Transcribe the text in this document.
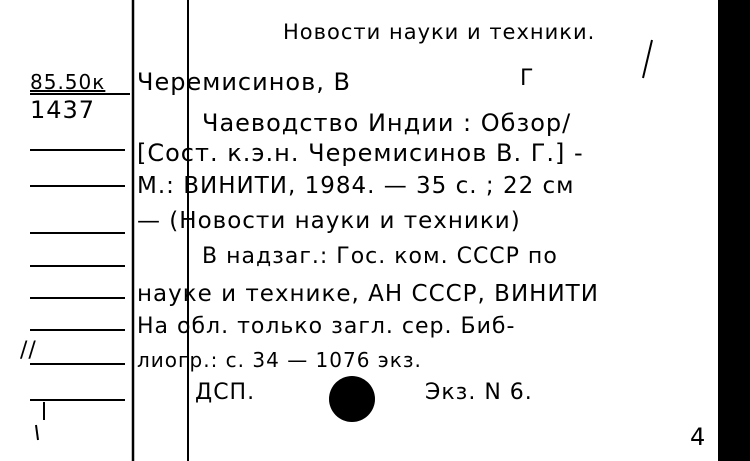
Новости науки и техники.
Г
85.50к
1437
//
Черемисинов, В
Чаеводство Индии : Обзор/
[Сост. к.э.н. Черемисинов В. Г.] -
М.: ВИНИТИ, 1984. — 35 с. ; 22 см
— (Новости науки и техники)
В надзаг.: Гос. ком. СССР по
науке и технике, АН СССР, ВИНИТИ
На обл. только загл. сер. Биб-
лиогр.: с. 34 — 1076 экз.
ДСП.	Экз. N 6.
4
